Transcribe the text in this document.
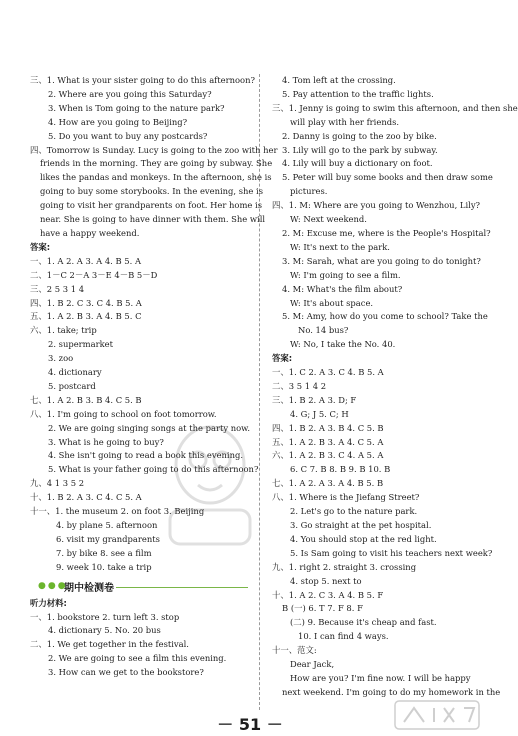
三、1. What is your sister going to do this afternoon?
2. Where are you going this Saturday?
3. When is Tom going to the nature park?
4. How are you going to Beijing?
5. Do you want to buy any postcards?
四、Tomorrow is Sunday. Lucy is going to the zoo with her
friends in the morning. They are going by subway. She
likes the pandas and monkeys. In the afternoon, she is
going to buy some storybooks. In the evening, she is
going to visit her grandparents on foot. Her home is
near. She is going to have dinner with them. She will
have a happy weekend.
答案:
一、1. A 2. A 3. A 4. B 5. A
二、1－C 2－A 3－E 4－B 5－D
三、2 5 3 1 4
四、1. B 2. C 3. C 4. B 5. A
五、1. A 2. B 3. A 4. B 5. C
六、1. take; trip
2. supermarket
3. zoo
4. dictionary
5. postcard
七、1. A 2. B 3. B 4. C 5. B
八、1. I'm going to school on foot tomorrow.
2. We are going singing songs at the party now.
3. What is he going to buy?
4. She isn't going to read a book this evening.
5. What is your father going to do this afternoon?
九、4 1 3 5 2
十、1. B 2. A 3. C 4. C 5. A
十一、1. the museum 2. on foot 3. Beijing
4. by plane 5. afternoon
6. visit my grandparents
7. by bike 8. see a film
9. week 10. take a trip
●●●
期中检测卷
听力材料:
一、1. bookstore 2. turn left 3. stop
4. dictionary 5. No. 20 bus
二、1. We get together in the festival.
2. We are going to see a film this evening.
3. How can we get to the bookstore?
4. Tom left at the crossing.
5. Pay attention to the traffic lights.
三、1. Jenny is going to swim this afternoon, and then she
will play with her friends.
2. Danny is going to the zoo by bike.
3. Lily will go to the park by subway.
4. Lily will buy a dictionary on foot.
5. Peter will buy some books and then draw some
pictures.
四、1. M: Where are you going to Wenzhou, Lily?
W: Next weekend.
2. M: Excuse me, where is the People's Hospital?
W: It's next to the park.
3. M: Sarah, what are you going to do tonight?
W: I'm going to see a film.
4. M: What's the film about?
W: It's about space.
5. M: Amy, how do you come to school? Take the
No. 14 bus?
W: No, I take the No. 40.
答案:
一、1. C 2. A 3. C 4. B 5. A
二、3 5 1 4 2
三、1. B 2. A 3. D; F
4. G; J 5. C; H
四、1. B 2. A 3. B 4. C 5. B
五、1. A 2. B 3. A 4. C 5. A
六、1. A 2. B 3. C 4. A 5. A
6. C 7. B 8. B 9. B 10. B
七、1. A 2. A 3. A 4. B 5. B
八、1. Where is the Jiefang Street?
2. Let's go to the nature park.
3. Go straight at the pet hospital.
4. You should stop at the red light.
5. Is Sam going to visit his teachers next week?
九、1. right 2. straight 3. crossing
4. stop 5. next to
十、1. A 2. C 3. A 4. B 5. F
B (一) 6. T 7. F 8. F
(二) 9. Because it's cheap and fast.
10. I can find 4 ways.
十一、范文:
Dear Jack,
How are you? I'm fine now. I will be happy
next weekend. I'm going to do my homework in the
－ 51 －
